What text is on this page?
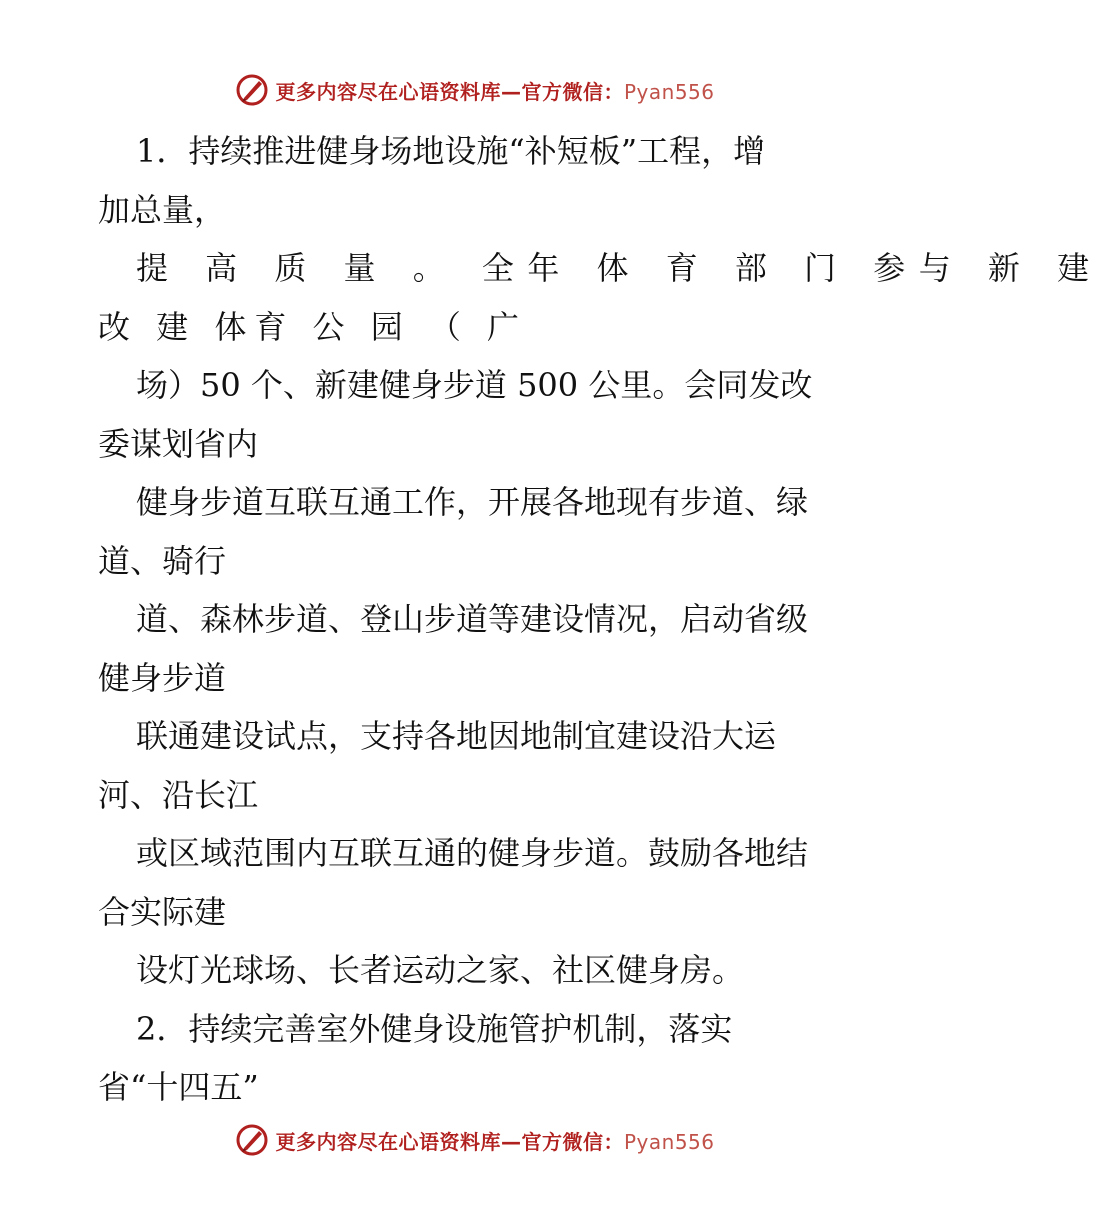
更多内容尽在心语资料库—官方微信：Pyan556
1．持续推进健身场地设施“补短板”工程，增
加总量，
提 高 质 量 。 全年 体 育 部 门 参与 新 建
改 建 体育 公 园 （ 广
场）50 个、新建健身步道 500 公里。会同发改
委谋划省内
健身步道互联互通工作，开展各地现有步道、绿
道、骑行
道、森林步道、登山步道等建设情况，启动省级
健身步道
联通建设试点，支持各地因地制宜建设沿大运
河、沿长江
或区域范围内互联互通的健身步道。鼓励各地结
合实际建
设灯光球场、长者运动之家、社区健身房。
2．持续完善室外健身设施管护机制，落实
省“十四五”
更多内容尽在心语资料库—官方微信：Pyan556
